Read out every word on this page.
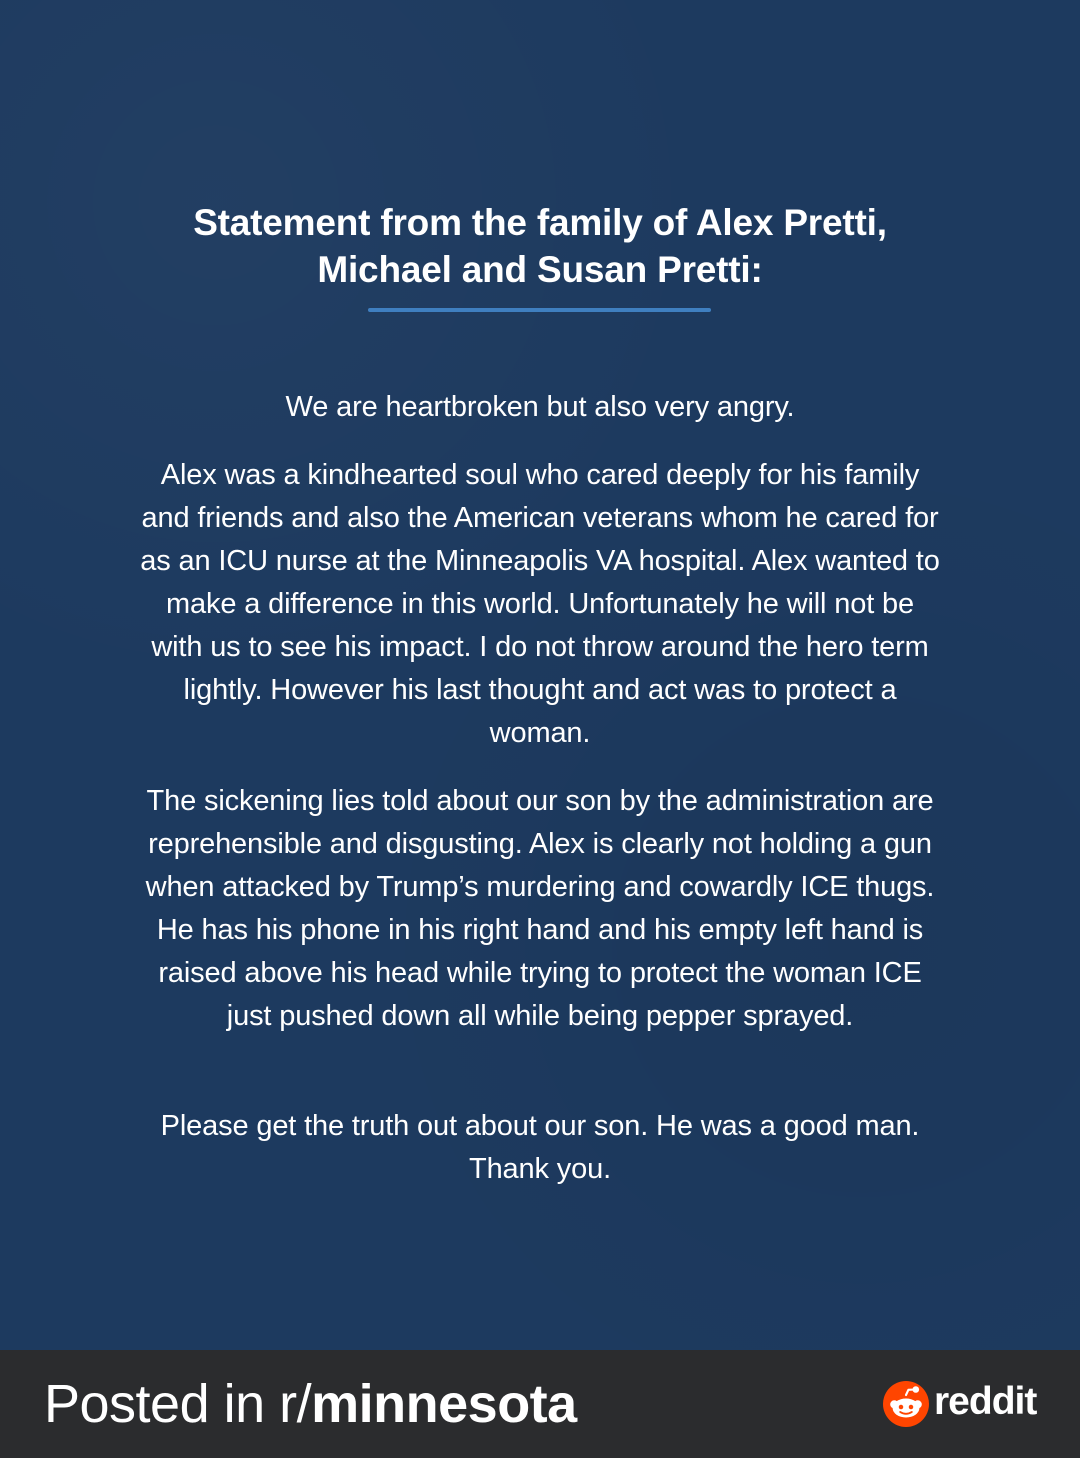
Statement from the family of Alex Pretti,
Michael and Susan Pretti:

We are heartbroken but also very angry.

Alex was a kindhearted soul who cared deeply for his family and friends and also the American veterans whom he cared for as an ICU nurse at the Minneapolis VA hospital. Alex wanted to make a difference in this world. Unfortunately he will not be with us to see his impact. I do not throw around the hero term lightly. However his last thought and act was to protect a woman.

The sickening lies told about our son by the administration are reprehensible and disgusting. Alex is clearly not holding a gun when attacked by Trump’s murdering and cowardly ICE thugs. He has his phone in his right hand and his empty left hand is raised above his head while trying to protect the woman ICE just pushed down all while being pepper sprayed.

Please get the truth out about our son. He was a good man. Thank you.

Posted in r/minnesota	reddit
